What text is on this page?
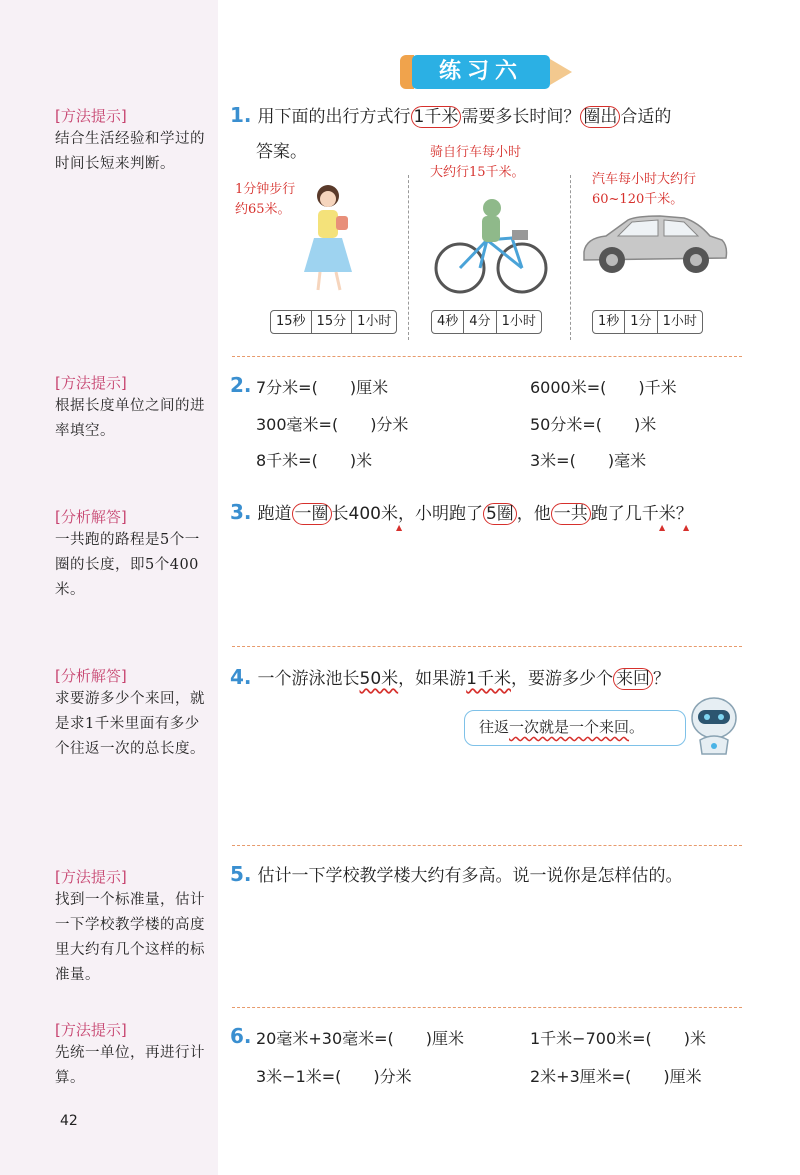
[方法提示]
结合生活经验和学过的时间长短来判断。
[方法提示]
根据长度单位之间的进率填空。
[分析解答]
一共跑的路程是5个一圈的长度，即5个400米。
[分析解答]
求要游多少个来回，就是求1千米里面有多少个往返一次的总长度。
[方法提示]
找到一个标准量，估计一下学校教学楼的高度里大约有几个这样的标准量。
[方法提示]
先统一单位，再进行计算。
42
练习六
1. 用下面的出行方式行 1千米 需要多长时间？ 圈出 合适的
答案。
1分钟步行
约65米。
15秒 15分 1小时
骑自行车每小时
大约行15千米。
4秒 4分 1小时
汽车每小时大约行
60~120千米。
1秒 1分 1小时
2. 7分米=(　　)厘米	6000米=(　　)千米
300毫米=(　　)分米	50分米=(　　)米
8千米=(　　)米	3米=(　　)毫米
3. 跑道 一圈 长400米，小明跑了 5圈 ，他 一共 跑了几千米？
▲	▲ ▲
4. 一个游泳池长50米，如果游1千米，要游多少个 来回 ？
往返一次就是一个来回。
5. 估计一下学校教学楼大约有多高。说一说你是怎样估的。
6. 20毫米+30毫米=(　　)厘米	1千米−700米=(　　)米
3米−1米=(　　)分米	2米+3厘米=(　　)厘米
